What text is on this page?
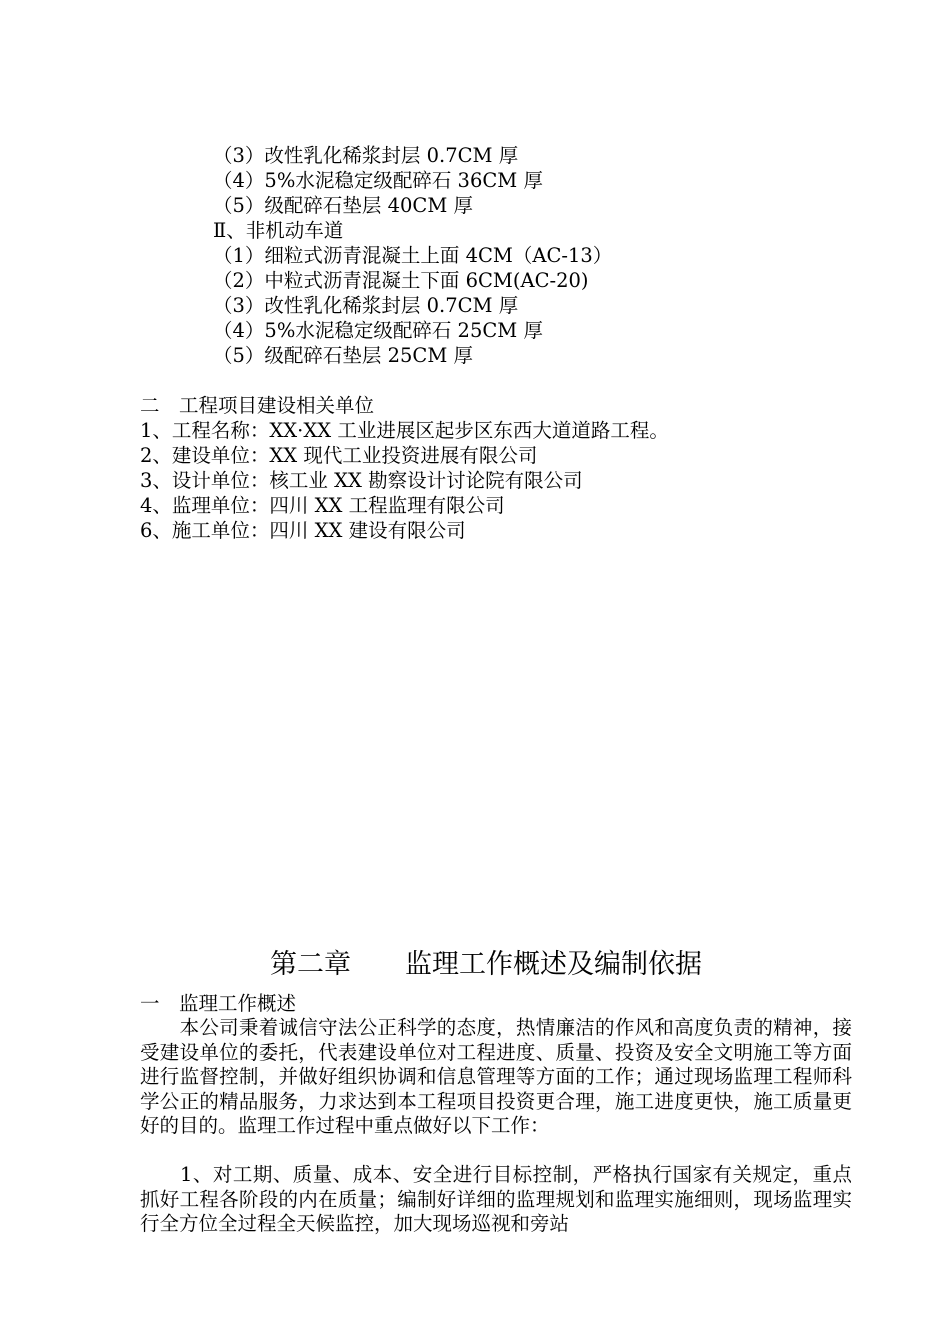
（3）改性乳化稀浆封层 0.7CM 厚
（4）5%水泥稳定级配碎石 36CM 厚
（5）级配碎石垫层 40CM 厚
Ⅱ、非机动车道
（1）细粒式沥青混凝土上面 4CM（AC-13）
（2）中粒式沥青混凝土下面 6CM(AC-20)
（3）改性乳化稀浆封层 0.7CM 厚
（4）5%水泥稳定级配碎石 25CM 厚
（5）级配碎石垫层 25CM 厚
二　工程项目建设相关单位
1、工程名称：XX·XX 工业进展区起步区东西大道道路工程。
2、建设单位：XX 现代工业投资进展有限公司
3、设计单位：核工业 XX 勘察设计讨论院有限公司
4、监理单位：四川 XX 工程监理有限公司
6、施工单位：四川 XX 建设有限公司
第二章　　监理工作概述及编制依据
一　监理工作概述
　　本公司秉着诚信守法公正科学的态度，热情廉洁的作风和高度负责的精神，接受建设单位的委托，代表建设单位对工程进度、质量、投资及安全文明施工等方面进行监督控制，并做好组织协调和信息管理等方面的工作；通过现场监理工程师科学公正的精品服务，力求达到本工程项目投资更合理，施工进度更快，施工质量更好的目的。监理工作过程中重点做好以下工作：
　　1、对工期、质量、成本、安全进行目标控制，严格执行国家有关规定，重点抓好工程各阶段的内在质量；编制好详细的监理规划和监理实施细则，现场监理实行全方位全过程全天候监控，加大现场巡视和旁站
